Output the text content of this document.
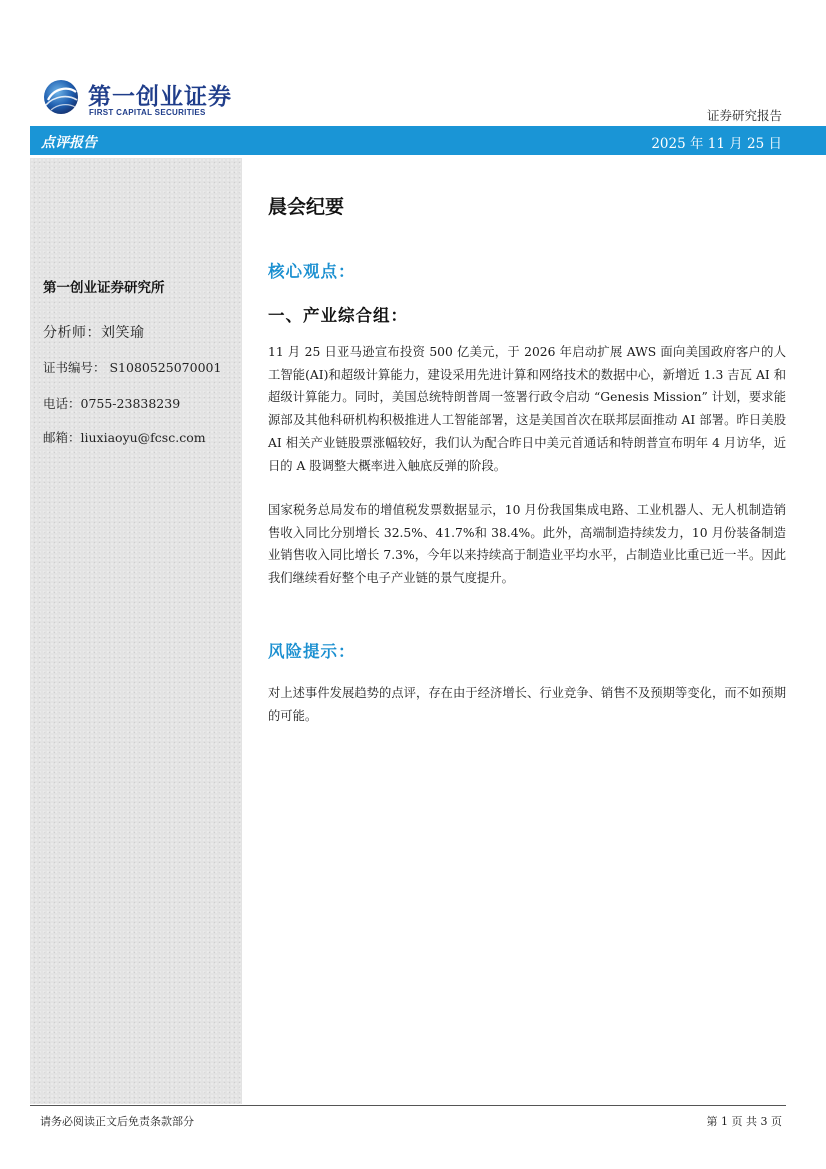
第一创业证券
FIRST CAPITAL SECURITIES	证券研究报告
点评报告	2025 年 11 月 25 日
第一创业证券研究所
分析师：刘笑瑜
证书编号： S1080525070001
电话：0755-23838239
邮箱：liuxiaoyu@fcsc.com
晨会纪要
核心观点：
一、产业综合组：

11 月 25 日亚马逊宣布投资 500 亿美元，于 2026 年启动扩展 AWS 面向美国政府客户的人工智能(AI)和超级计算能力，建设采用先进计算和网络技术的数据中心，新增近 1.3 吉瓦 AI 和超级计算能力。同时，美国总统特朗普周一签署行政令启动 “Genesis Mission” 计划，要求能源部及其他科研机构积极推进人工智能部署，这是美国首次在联邦层面推动 AI 部署。昨日美股 AI 相关产业链股票涨幅较好，我们认为配合昨日中美元首通话和特朗普宣布明年 4 月访华，近日的 A 股调整大概率进入触底反弹的阶段。

国家税务总局发布的增值税发票数据显示，10 月份我国集成电路、工业机器人、无人机制造销售收入同比分别增长 32.5%、41.7%和 38.4%。此外，高端制造持续发力，10 月份装备制造业销售收入同比增长 7.3%，今年以来持续高于制造业平均水平，占制造业比重已近一半。因此我们继续看好整个电子产业链的景气度提升。

风险提示：

对上述事件发展趋势的点评，存在由于经济增长、行业竞争、销售不及预期等变化，而不如预期的可能。

请务必阅读正文后免责条款部分	第 1 页 共 3 页
